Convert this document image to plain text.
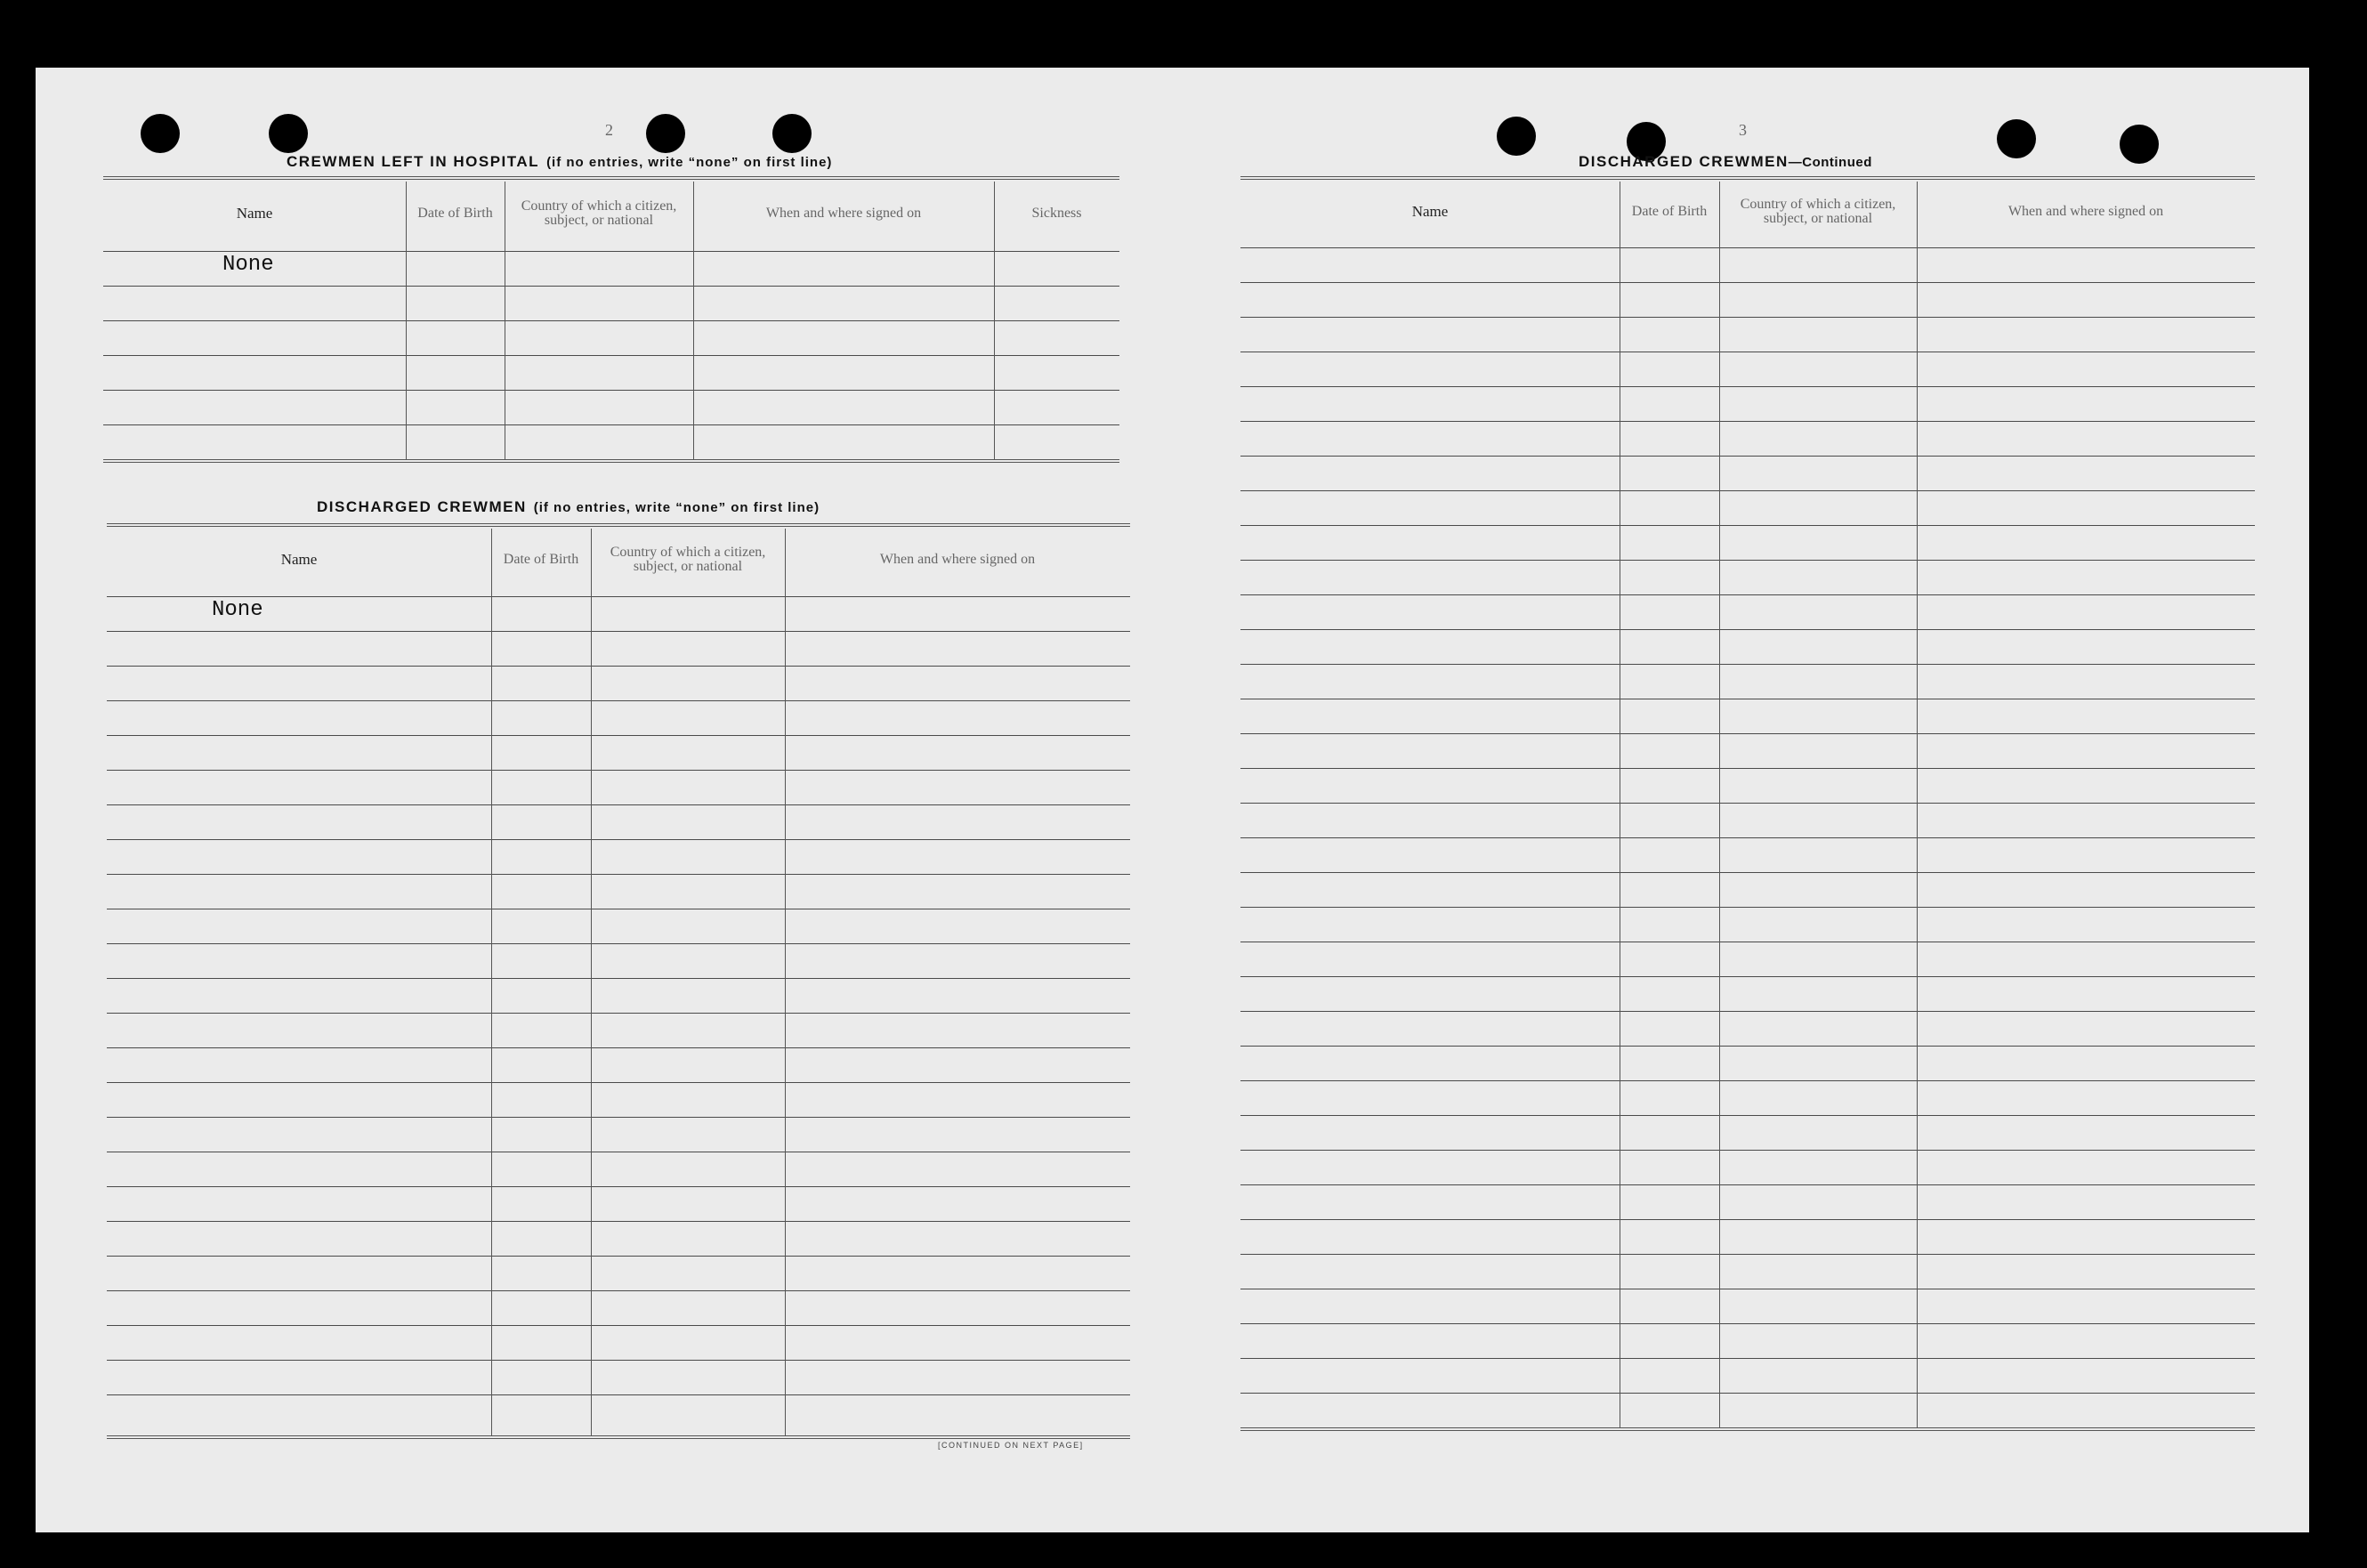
2
CREWMEN LEFT IN HOSPITAL (if no entries, write “none” on first line)
Name	Date of Birth	Country of which a citizen, subject, or national	When and where signed on	Sickness
None
DISCHARGED CREWMEN (if no entries, write “none” on first line)
Name	Date of Birth	Country of which a citizen, subject, or national	When and where signed on
None
[CONTINUED ON NEXT PAGE]
3
DISCHARGED CREWMEN—Continued
Name	Date of Birth	Country of which a citizen, subject, or national	When and where signed on
